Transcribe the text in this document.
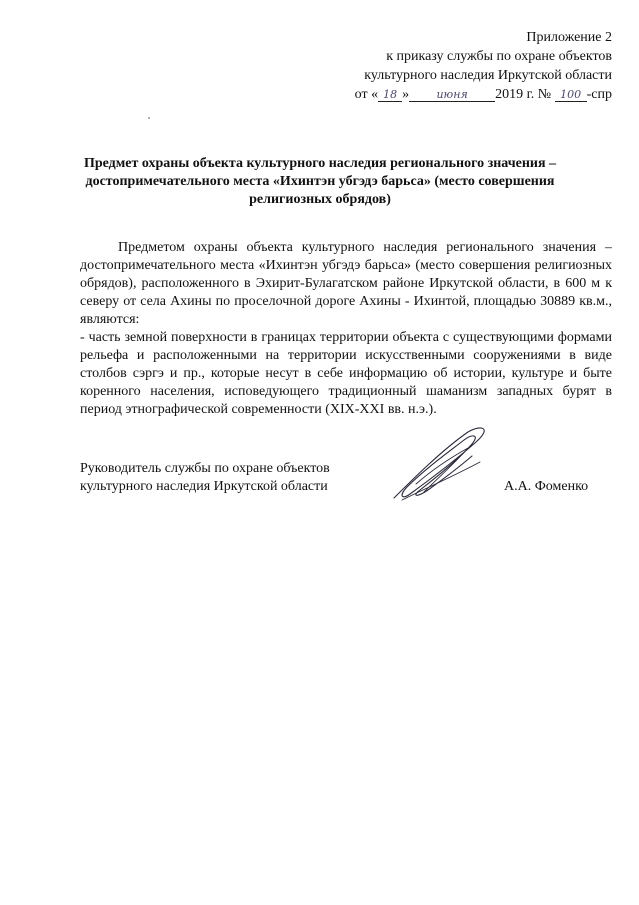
Приложение 2
к приказу службы по охране объектов
культурного наследия Иркутской области
от « 18 » июня 2019 г. № 100 -спр
Предмет охраны объекта культурного наследия регионального значения –
достопримечательного места «Ихинтэн убгэдэ барьса» (место совершения
религиозных обрядов)

Предметом охраны объекта культурного наследия регионального значения – достопримечательного места «Ихинтэн убгэдэ барьса» (место совершения религиозных обрядов), расположенного в Эхирит-Булагатском районе Иркутской области, в 600 м к северу от села Ахины по проселочной дороге Ахины - Ихинтой, площадью 30889 кв.м., являются:

- часть земной поверхности в границах территории объекта с существующими формами рельефа и расположенными на территории искусственными сооружениями в виде столбов сэргэ и пр., которые несут в себе информацию об истории, культуре и быте коренного населения, исповедующего традиционный шаманизм западных бурят в период этнографической современности (XIX-XXI вв. н.э.).

Руководитель службы по охране объектов
культурного наследия Иркутской области	А.А. Фоменко
